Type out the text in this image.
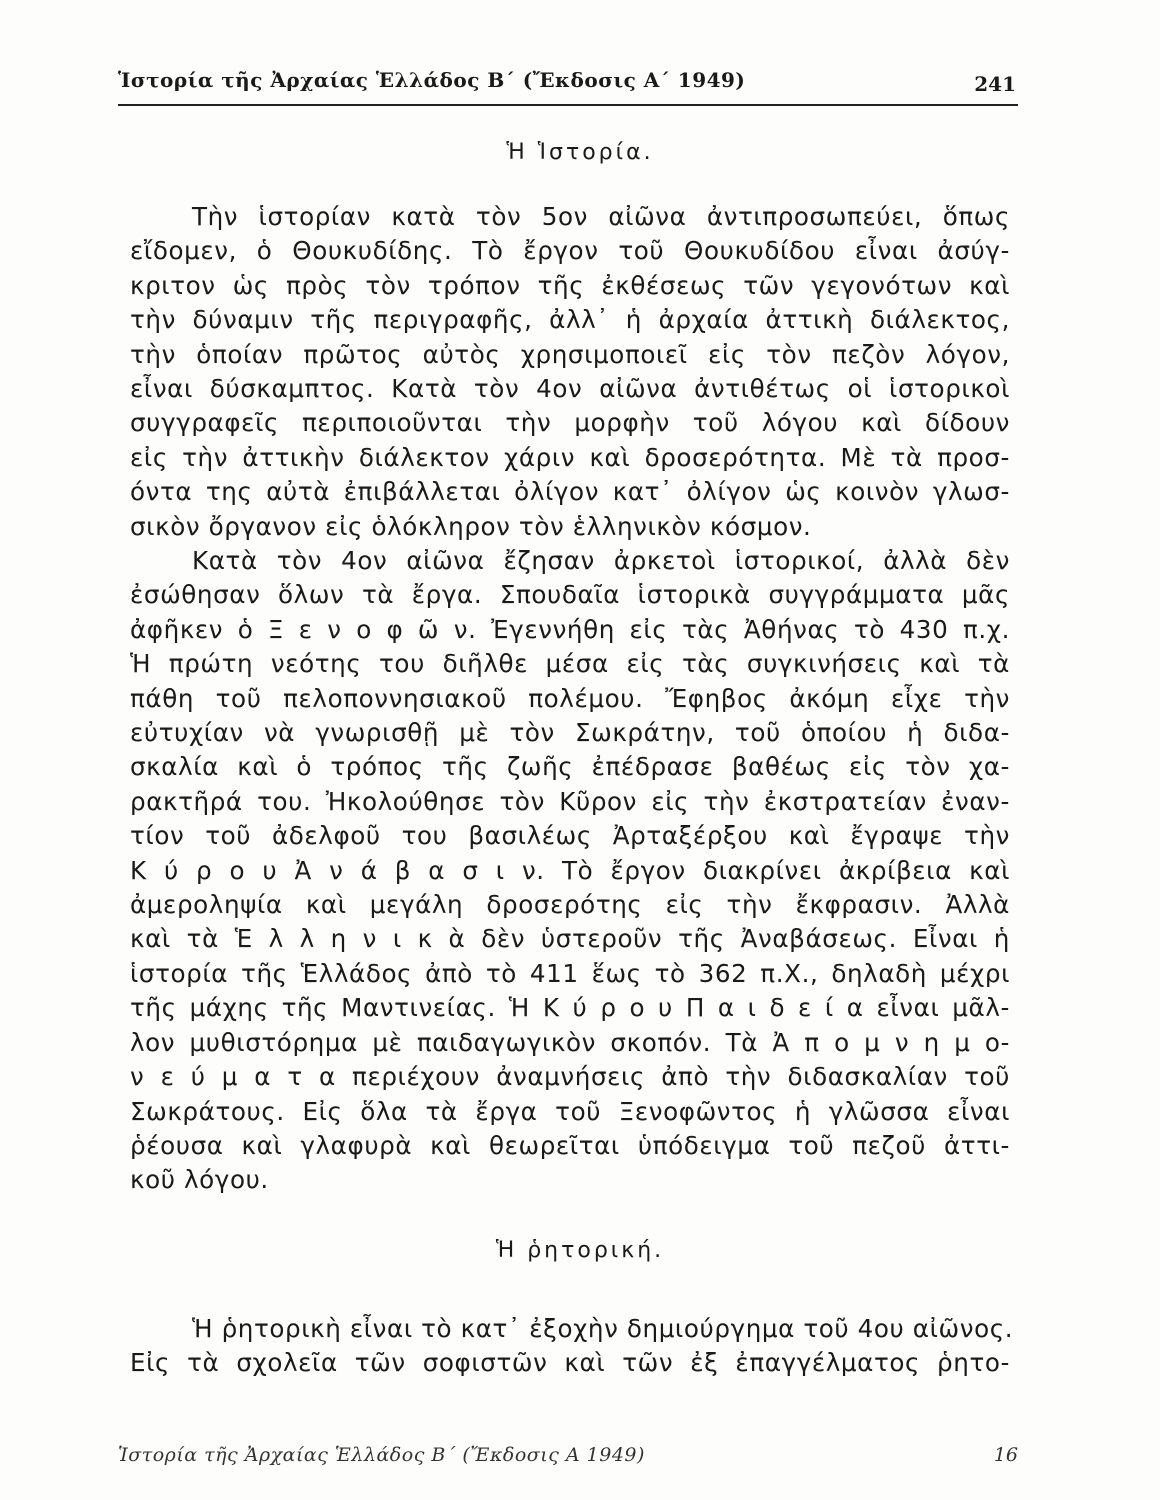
Ἱστορία τῆς Ἀρχαίας Ἑλλάδος Β΄ (Ἔκδοσις Α΄ 1949)	241
Ἡ Ἱστορία.
Τὴν ἱστορίαν κατὰ τὸν 5ον αἰῶνα ἀντιπροσωπεύει, ὅπως
εἴδομεν, ὁ Θουκυδίδης. Τὸ ἔργον τοῦ Θουκυδίδου εἶναι ἀσύγ-
κριτον ὡς πρὸς τὸν τρόπον τῆς ἐκθέσεως τῶν γεγονότων καὶ
τὴν δύναμιν τῆς περιγραφῆς, ἀλλ᾽ ἡ ἀρχαία ἀττικὴ διάλεκτος,
τὴν ὁποίαν πρῶτος αὐτὸς χρησιμοποιεῖ εἰς τὸν πεζὸν λόγον,
εἶναι δύσκαμπτος. Κατὰ τὸν 4ον αἰῶνα ἀντιθέτως οἱ ἱστορικοὶ
συγγραφεῖς περιποιοῦνται τὴν μορφὴν τοῦ λόγου καὶ δίδουν
εἰς τὴν ἀττικὴν διάλεκτον χάριν καὶ δροσερότητα. Μὲ τὰ προσ-
όντα της αὐτὰ ἐπιβάλλεται ὀλίγον κατ᾽ ὀλίγον ὡς κοινὸν γλωσ-
σικὸν ὄργανον εἰς ὁλόκληρον τὸν ἑλληνικὸν κόσμον.
Κατὰ τὸν 4ον αἰῶνα ἔζησαν ἀρκετοὶ ἱστορικοί, ἀλλὰ δὲν
ἐσώθησαν ὅλων τὰ ἔργα. Σπουδαῖα ἱστορικὰ συγγράμματα μᾶς
ἀφῆκεν ὁ Ξ ε ν ο φ ῶ ν. Ἐγεννήθη εἰς τὰς Ἀθήνας τὸ 430 π.χ.
Ἡ πρώτη νεότης του διῆλθε μέσα εἰς τὰς συγκινήσεις καὶ τὰ
πάθη τοῦ πελοποννησιακοῦ πολέμου. Ἔφηβος ἀκόμη εἶχε τὴν
εὐτυχίαν νὰ γνωρισθῇ μὲ τὸν Σωκράτην, τοῦ ὁποίου ἡ διδα-
σκαλία καὶ ὁ τρόπος τῆς ζωῆς ἐπέδρασε βαθέως εἰς τὸν χα-
ρακτῆρά του. Ἠκολούθησε τὸν Κῦρον εἰς τὴν ἐκστρατείαν ἐναν-
τίον τοῦ ἀδελφοῦ του βασιλέως Ἀρταξέρξου καὶ ἔγραψε τὴν
Κ ύ ρ ο υ Ἀ ν ά β α σ ι ν. Τὸ ἔργον διακρίνει ἀκρίβεια καὶ
ἀμεροληψία καὶ μεγάλη δροσερότης εἰς τὴν ἔκφρασιν. Ἀλλὰ
καὶ τὰ Ἑ λ λ η ν ι κ ὰ δὲν ὑστεροῦν τῆς Ἀναβάσεως. Εἶναι ἡ
ἱστορία τῆς Ἑλλάδος ἀπὸ τὸ 411 ἕως τὸ 362 π.Χ., δηλαδὴ μέχρι
τῆς μάχης τῆς Μαντινείας. Ἡ Κ ύ ρ ο υ Π α ι δ ε ί α εἶναι μᾶλ-
λον μυθιστόρημα μὲ παιδαγωγικὸν σκοπόν. Τὰ Ἀ π ο μ ν η μ ο-
ν ε ύ μ α τ α περιέχουν ἀναμνήσεις ἀπὸ τὴν διδασκαλίαν τοῦ
Σωκράτους. Εἰς ὅλα τὰ ἔργα τοῦ Ξενοφῶντος ἡ γλῶσσα εἶναι
ῥέουσα καὶ γλαφυρὰ καὶ θεωρεῖται ὑπόδειγμα τοῦ πεζοῦ ἀττι-
κοῦ λόγου.
Ἡ ῥητορική.
Ἡ ῥητορικὴ εἶναι τὸ κατ᾽ ἐξοχὴν δημιούργημα τοῦ 4ου αἰῶνος.
Εἰς τὰ σχολεῖα τῶν σοφιστῶν καὶ τῶν ἐξ ἐπαγγέλματος ῥητο-
Ἱστορία τῆς Ἀρχαίας Ἑλλάδος Β΄ (Ἔκδοσις Α 1949)	16
